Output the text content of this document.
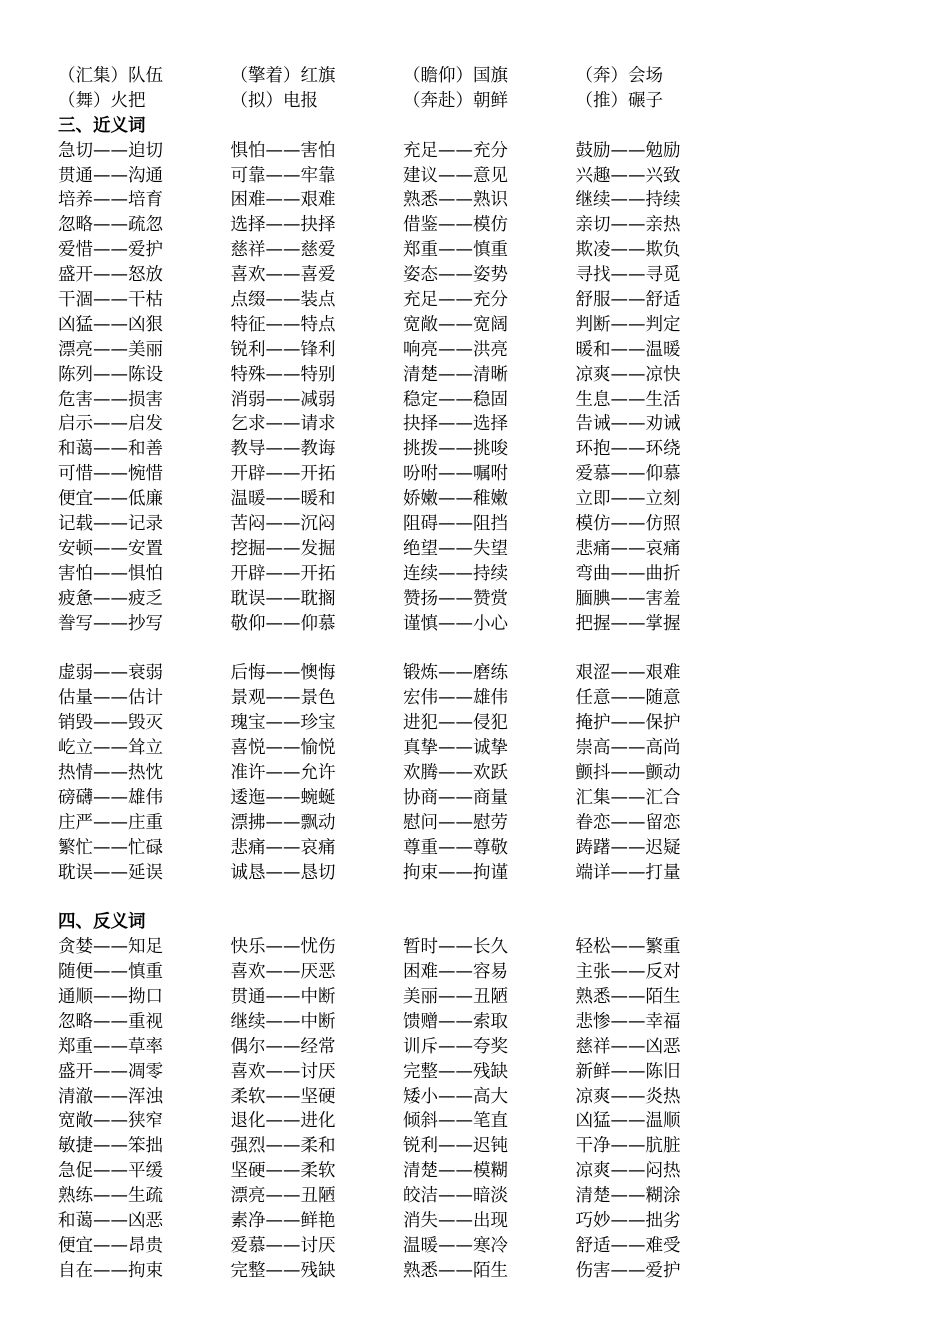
（汇集）队伍	（擎着）红旗	（瞻仰）国旗	（奔）会场
（舞）火把	（拟）电报	（奔赴）朝鲜	（推）碾子
三、近义词
急切——迫切	惧怕——害怕	充足——充分	鼓励——勉励
贯通——沟通	可靠——牢靠	建议——意见	兴趣——兴致
培养——培育	困难——艰难	熟悉——熟识	继续——持续
忽略——疏忽	选择——抉择	借鉴——模仿	亲切——亲热
爱惜——爱护	慈祥——慈爱	郑重——慎重	欺凌——欺负
盛开——怒放	喜欢——喜爱	姿态——姿势	寻找——寻觅
干涸——干枯	点缀——装点	充足——充分	舒服——舒适
凶猛——凶狠	特征——特点	宽敞——宽阔	判断——判定
漂亮——美丽	锐利——锋利	响亮——洪亮	暖和——温暖
陈列——陈设	特殊——特别	清楚——清晰	凉爽——凉快
危害——损害	消弱——减弱	稳定——稳固	生息——生活
启示——启发	乞求——请求	抉择——选择	告诫——劝诫
和蔼——和善	教导——教诲	挑拨——挑唆	环抱——环绕
可惜——惋惜	开辟——开拓	吩咐——嘱咐	爱慕——仰慕
便宜——低廉	温暖——暖和	娇嫩——稚嫩	立即——立刻
记载——记录	苦闷——沉闷	阻碍——阻挡	模仿——仿照
安顿——安置	挖掘——发掘	绝望——失望	悲痛——哀痛
害怕——惧怕	开辟——开拓	连续——持续	弯曲——曲折
疲惫——疲乏	耽误——耽搁	赞扬——赞赏	腼腆——害羞
誊写——抄写	敬仰——仰慕	谨慎——小心	把握——掌握
虚弱——衰弱	后悔——懊悔	锻炼——磨练	艰涩——艰难
估量——估计	景观——景色	宏伟——雄伟	任意——随意
销毁——毁灭	瑰宝——珍宝	进犯——侵犯	掩护——保护
屹立——耸立	喜悦——愉悦	真挚——诚挚	崇高——高尚
热情——热忱	准许——允许	欢腾——欢跃	颤抖——颤动
磅礴——雄伟	逶迤——蜿蜒	协商——商量	汇集——汇合
庄严——庄重	漂拂——飘动	慰问——慰劳	眷恋——留恋
繁忙——忙碌	悲痛——哀痛	尊重——尊敬	踌躇——迟疑
耽误——延误	诚恳——恳切	拘束——拘谨	端详——打量
四、反义词
贪婪——知足	快乐——忧伤	暂时——长久	轻松——繁重
随便——慎重	喜欢——厌恶	困难——容易	主张——反对
通顺——拗口	贯通——中断	美丽——丑陋	熟悉——陌生
忽略——重视	继续——中断	馈赠——索取	悲惨——幸福
郑重——草率	偶尔——经常	训斥——夸奖	慈祥——凶恶
盛开——凋零	喜欢——讨厌	完整——残缺	新鲜——陈旧
清澈——浑浊	柔软——坚硬	矮小——高大	凉爽——炎热
宽敞——狭窄	退化——进化	倾斜——笔直	凶猛——温顺
敏捷——笨拙	强烈——柔和	锐利——迟钝	干净——肮脏
急促——平缓	坚硬——柔软	清楚——模糊	凉爽——闷热
熟练——生疏	漂亮——丑陋	皎洁——暗淡	清楚——糊涂
和蔼——凶恶	素净——鲜艳	消失——出现	巧妙——拙劣
便宜——昂贵	爱慕——讨厌	温暖——寒冷	舒适——难受
自在——拘束	完整——残缺	熟悉——陌生	伤害——爱护
